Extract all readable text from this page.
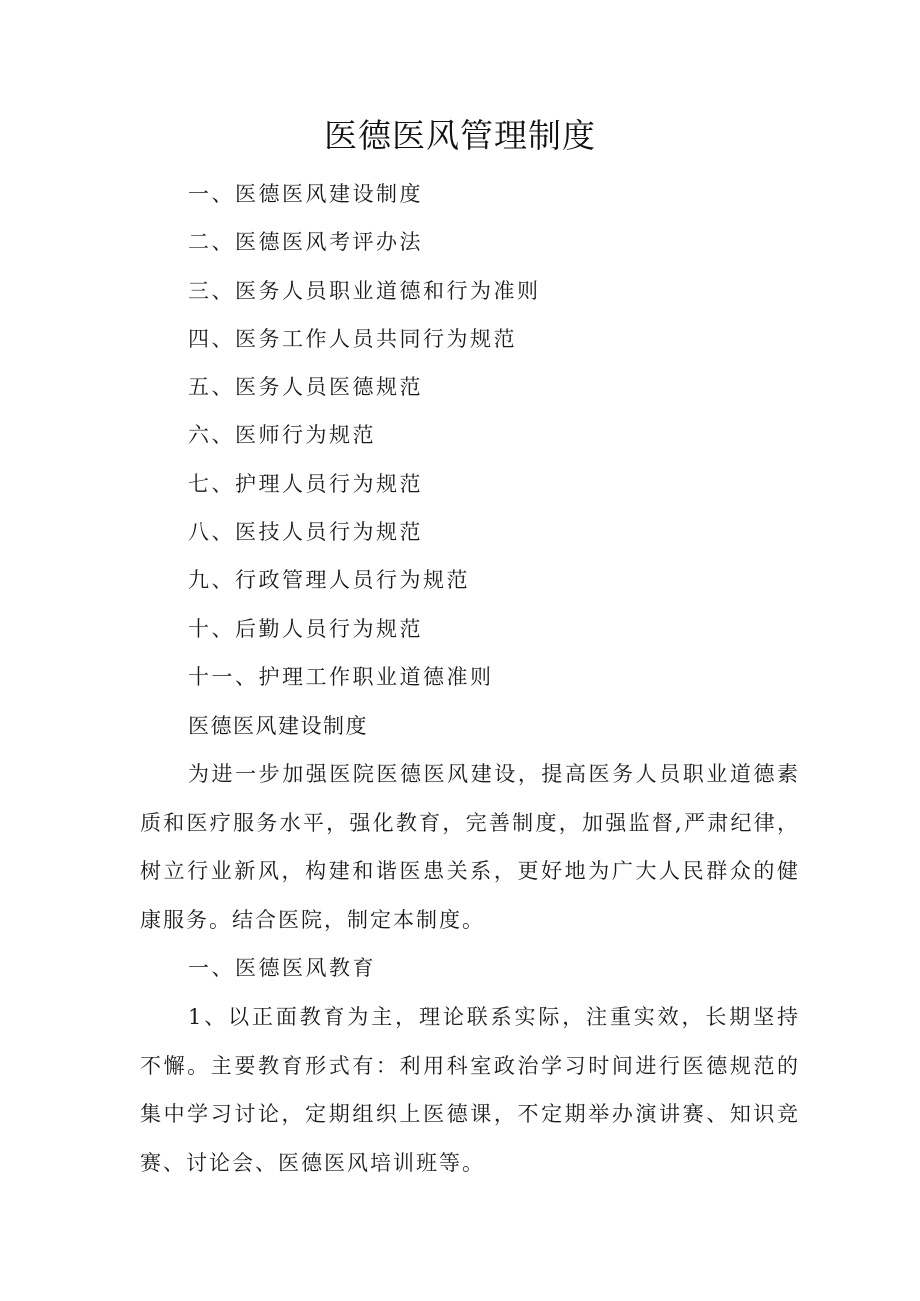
医德医风管理制度
一、医德医风建设制度
二、医德医风考评办法
三、医务人员职业道德和行为准则
四、医务工作人员共同行为规范
五、医务人员医德规范
六、医师行为规范
七、护理人员行为规范
八、医技人员行为规范
九、行政管理人员行为规范
十、后勤人员行为规范
十一、护理工作职业道德准则

医德医风建设制度

为进一步加强医院医德医风建设，提高医务人员职业道德素质和医疗服务水平，强化教育，完善制度，加强监督,严肃纪律，树立行业新风，构建和谐医患关系，更好地为广大人民群众的健康服务。结合医院，制定本制度。

一、医德医风教育

1、以正面教育为主，理论联系实际，注重实效，长期坚持不懈。主要教育形式有：利用科室政治学习时间进行医德规范的集中学习讨论，定期组织上医德课，不定期举办演讲赛、知识竞赛、讨论会、医德医风培训班等。
